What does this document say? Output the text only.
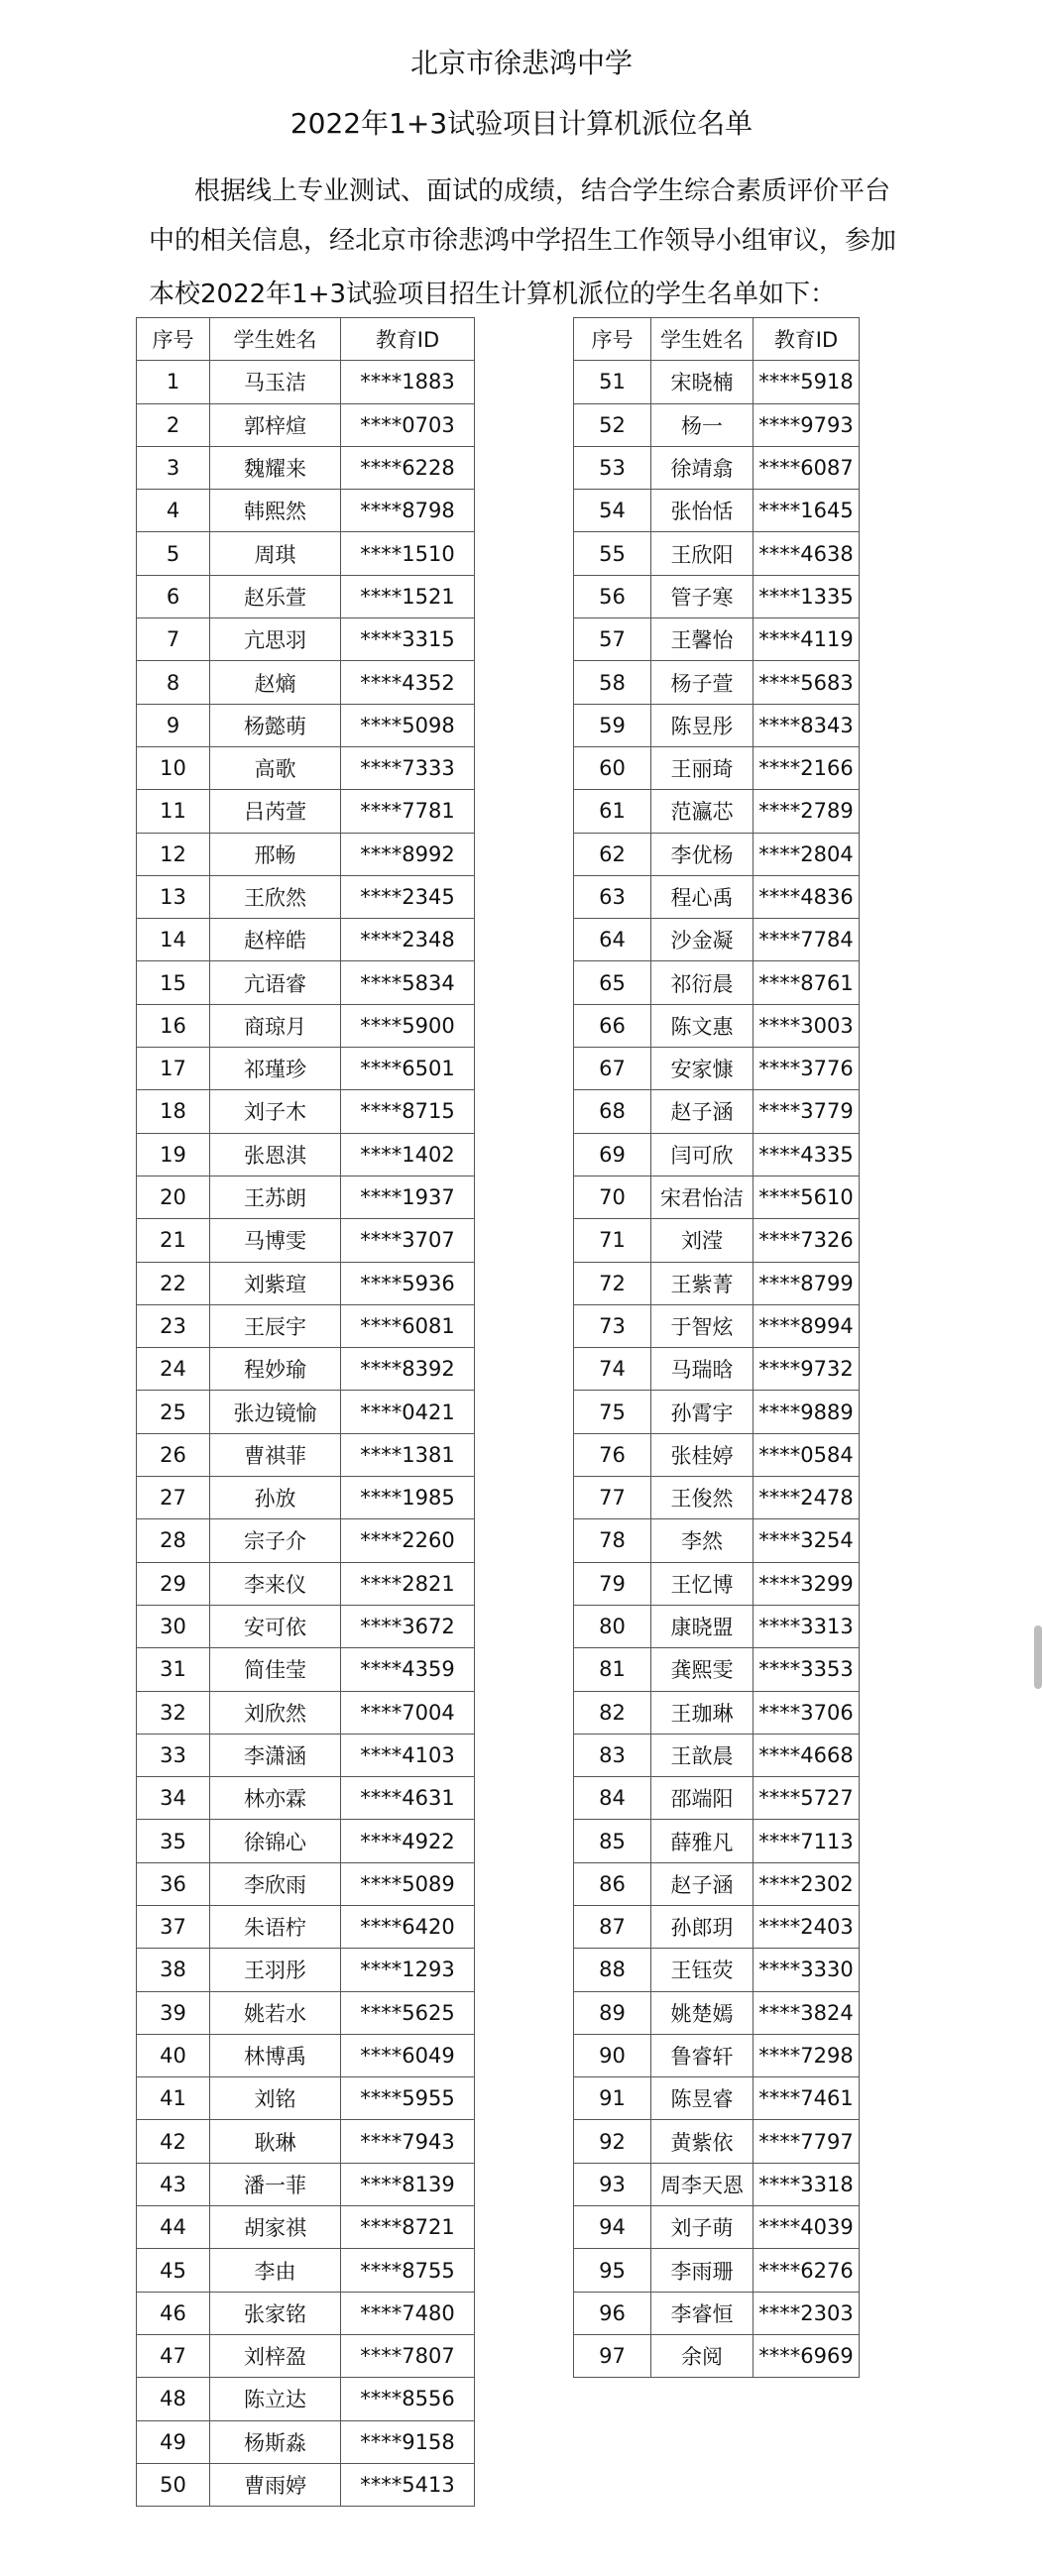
北京市徐悲鸿中学
2022年1+3试验项目计算机派位名单
根据线上专业测试、面试的成绩，结合学生综合素质评价平台
中的相关信息，经北京市徐悲鸿中学招生工作领导小组审议，参加
本校2022年1+3试验项目招生计算机派位的学生名单如下：
序号	学生姓名	教育ID
1	马玉洁	****1883
2	郭梓煊	****0703
3	魏耀来	****6228
4	韩熙然	****8798
5	周琪	****1510
6	赵乐萱	****1521
7	亢思羽	****3315
8	赵熵	****4352
9	杨懿萌	****5098
10	高歌	****7333
11	吕芮萱	****7781
12	邢畅	****8992
13	王欣然	****2345
14	赵梓皓	****2348
15	亢语睿	****5834
16	商琼月	****5900
17	祁瑾珍	****6501
18	刘子木	****8715
19	张恩淇	****1402
20	王苏朗	****1937
21	马博雯	****3707
22	刘紫瑄	****5936
23	王辰宇	****6081
24	程妙瑜	****8392
25	张边镜愉	****0421
26	曹祺菲	****1381
27	孙放	****1985
28	宗子介	****2260
29	李来仪	****2821
30	安可依	****3672
31	简佳莹	****4359
32	刘欣然	****7004
33	李潇涵	****4103
34	林亦霖	****4631
35	徐锦心	****4922
36	李欣雨	****5089
37	朱语柠	****6420
38	王羽彤	****1293
39	姚若水	****5625
40	林博禹	****6049
41	刘铭	****5955
42	耿琳	****7943
43	潘一菲	****8139
44	胡家祺	****8721
45	李由	****8755
46	张家铭	****7480
47	刘梓盈	****7807
48	陈立达	****8556
49	杨斯淼	****9158
50	曹雨婷	****5413
序号	学生姓名	教育ID
51	宋晓楠	****5918
52	杨一	****9793
53	徐靖翕	****6087
54	张怡恬	****1645
55	王欣阳	****4638
56	管子寒	****1335
57	王馨怡	****4119
58	杨子萱	****5683
59	陈昱彤	****8343
60	王丽琦	****2166
61	范瀛芯	****2789
62	李优杨	****2804
63	程心禹	****4836
64	沙金凝	****7784
65	祁衍晨	****8761
66	陈文惠	****3003
67	安家慷	****3776
68	赵子涵	****3779
69	闫可欣	****4335
70	宋君怡洁	****5610
71	刘滢	****7326
72	王紫菁	****8799
73	于智炫	****8994
74	马瑞晗	****9732
75	孙霄宇	****9889
76	张桂婷	****0584
77	王俊然	****2478
78	李然	****3254
79	王忆博	****3299
80	康晓盟	****3313
81	龚熙雯	****3353
82	王珈琳	****3706
83	王歆晨	****4668
84	邵端阳	****5727
85	薛雅凡	****7113
86	赵子涵	****2302
87	孙郎玥	****2403
88	王钰荧	****3330
89	姚楚嫣	****3824
90	鲁睿轩	****7298
91	陈昱睿	****7461
92	黄紫依	****7797
93	周李天恩	****3318
94	刘子萌	****4039
95	李雨珊	****6276
96	李睿恒	****2303
97	余阅	****6969
